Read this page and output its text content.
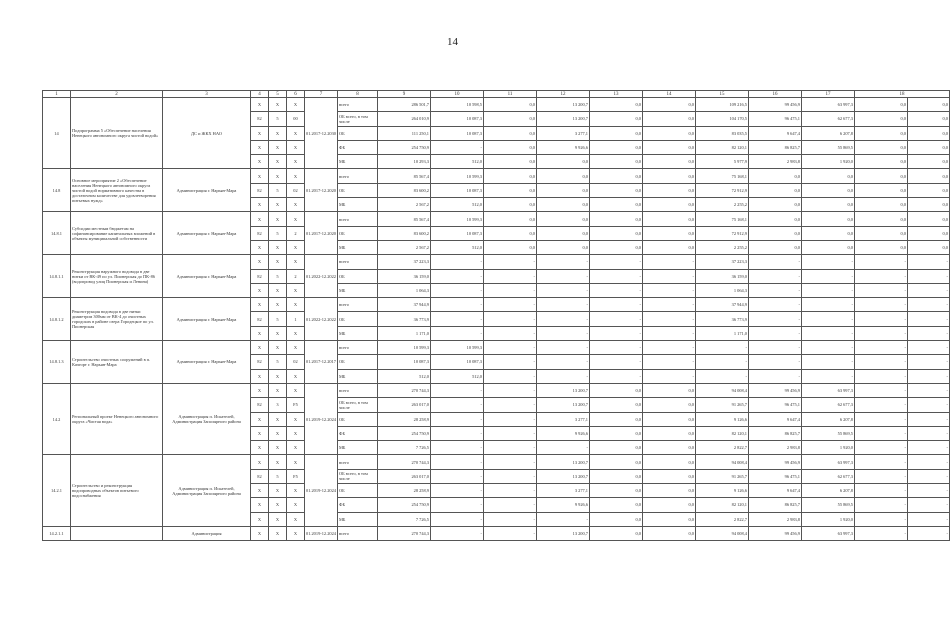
14
1	2	3	4	5	6	7	8	9	10	11	12	13	14	15	16	17	18	
14	Подпрограмма 5 «Обеспечение населения Ненецкого автономного округа чистой водой»	ДС и ЖКХ НАО	X	X	X	01.2017-12.2030	всего	286 501,7	10 598,5	0,0	13 200,7	0,0	0,0	109 216,5	99 456,9	63 997,3	0,0	0,0
			82	5	00		ОБ всего, в том числе	264 010,9	10 087,3	0,0	13 200,7	0,0	0,0	104 170,5	96 475,1	62 677,3	0,0	0,0
			X	X	X		ОБ	111 250,1	10 087,3	0,0	3 277,1	0,0	0,0	83 035,5	9 647,4	6 207,8	0,0	0,0
			X	X	X		ФБ	254 750,9	-	0,0	9 926,6	0,0	0,0	82 120,1	86 825,7	55 869,5	0,0	0,0
			X	X	X		МБ	10 293,3	512,0	0,0	0,0	0,0	0,0	5 977,9	2 983,8	1 920,0	0,0	0,0
14.8	Основное мероприятие 2 «Обеспечение населения Ненецкого автономного округа чистой водой нормативного качества в достаточном количестве для удовлетворения питьевых нужд»	Администрация г. Нарьян-Мара	X	X	X	01.2017-12.2020	всего	85 567,4	10 599,3	0,0	0,0	0,0	0,0	75 168,1	0,0	0,0	0,0	0,0
			82	5	02		ОБ	83 600,2	10 087,3	0,0	0,0	0,0	0,0	72 912,9	0,0	0,0	0,0	0,0
			X	X	X		МБ	2 567,2	512,0	0,0	0,0	0,0	0,0	2 255,2	0,0	0,0	0,0	0,0
14.8.1	Субсидии местным бюджетам на софинансирование капитальных вложений в объекты муниципальной собственности	Администрация г. Нарьян-Мара	X	X	X	01.2017-12.2020	всего	85 567,4	10 599,3	0,0	0,0	0,0	0,0	75 168,1	0,0	0,0	0,0	0,0
			82	5	2		ОБ	83 600,2	10 087,3	0,0	0,0	0,0	0,0	72 912,9	0,0	0,0	0,0	0,0
			X	X	X		МБ	2 567,2	512,0	0,0	0,0	0,0	0,0	2 255,2	0,0	0,0	0,0	0,0
14.8.1.1	Реконструкция наружного водовода в две нитки от ВК-49 по ул. Пионерская до ПК-86 (водопровод улиц Пионерская и Ленина)	Администрация г. Нарьян-Мара	X	X	X	01.2022-12.2022	всего	37 223,3	-	-	-	-	-	37 223,3	-	-	-	-
			82	5	2		ОБ	36 159,0	-	-	-	-	-	36 159,0	-	-	-	-
			X	X	X		МБ	1 064,3	-	-	-	-	-	1 064,3	-	-	-	-
14.8.1.2	Реконструкция водовода в две нитки диаметром 300мм от ВК-4 до очистных городских в районе озера Городецкое по ул. Пионерская	Администрация г. Нарьян-Мара	X	X	X	01.2022-12.2022	всего	37 944,9	-	-	-	-	-	37 944,9	-	-	-	-
			82	5	1		ОБ	36 773,9	-	-	-	-	-	36 773,9	-	-	-	-
			X	X	X		МБ	1 171,0	-	-	-	-	-	1 171,0	-	-	-	-
14.8.1.3	Строительство очистных сооружений в п. Качгорт г. Нарьян-Мара	Администрация г. Нарьян-Мара	X	X	X	01.2017-12.2017	всего	10 599,3	10 599,3	-	-	-	-	-	-	-	-	-
			82	5	02		ОБ	10 087,3	10 087,3	-	-	-	-	-	-	-	-	-
			X	X	X		МБ	512,0	512,0	-	-	-	-	-	-	-	-	-
14.2	Региональный проект Ненецкого автономного округа «Чистая вода»	Администрация п. Искателей, Администрация Заполярного района	X	X	X	01.2019-12.2024	всего	270 744,3	-	-	13 200,7	0,0	0,0	94 008,4	99 456,9	63 997,3	-	-
			82	3	F5		ОБ всего, в том числе	263 017,0	-	-	13 200,7	0,0	0,0	91 265,7	96 475,1	62 677,3	-	-
			X	X	X		ОБ	28 258,9	-	-	3 277,1	0,0	0,0	9 126,6	9 647,4	6 207,8	-	-
			X	X	X		ФБ	254 750,9	-	-	9 926,6	0,0	0,0	82 120,1	86 825,7	55 869,5	-	-
			X	X	X		МБ	7 726,5	-	-	-	0,0	0,0	2 822,7	2 983,8	1 920,0	-	-
14.2.1	Строительство и реконструкция водопроводных объектов питьевого водоснабжения	Администрация п. Искателей, Администрация Заполярного района	X	X	X	01.2019-12.2024	всего	270 744,3	-	-	13 200,7	0,0	0,0	94 008,4	99 456,9	63 997,3	-	-
			82	5	F5		ОБ всего, в том числе	263 017,0	-	-	13 200,7	0,0	0,0	91 265,7	96 475,1	62 677,3	-	-
			X	X	X		ОБ	28 258,9	-	-	3 277,1	0,0	0,0	9 126,6	9 647,4	6 207,8	-	-
			X	X	X		ФБ	254 750,9	-	-	9 926,6	0,0	0,0	82 120,1	86 825,7	55 869,5	-	-
			X	X	X		МБ	7 726,5	-	-	-	0,0	0,0	2 822,7	2 983,8	1 920,0	-	-
14.2.1.1		Администрация	X	X	X	01.2019-12.2024	всего	270 744,3	-	-	13 200,7	0,0	0,0	94 008,4	99 456,9	63 997,3	-	-
